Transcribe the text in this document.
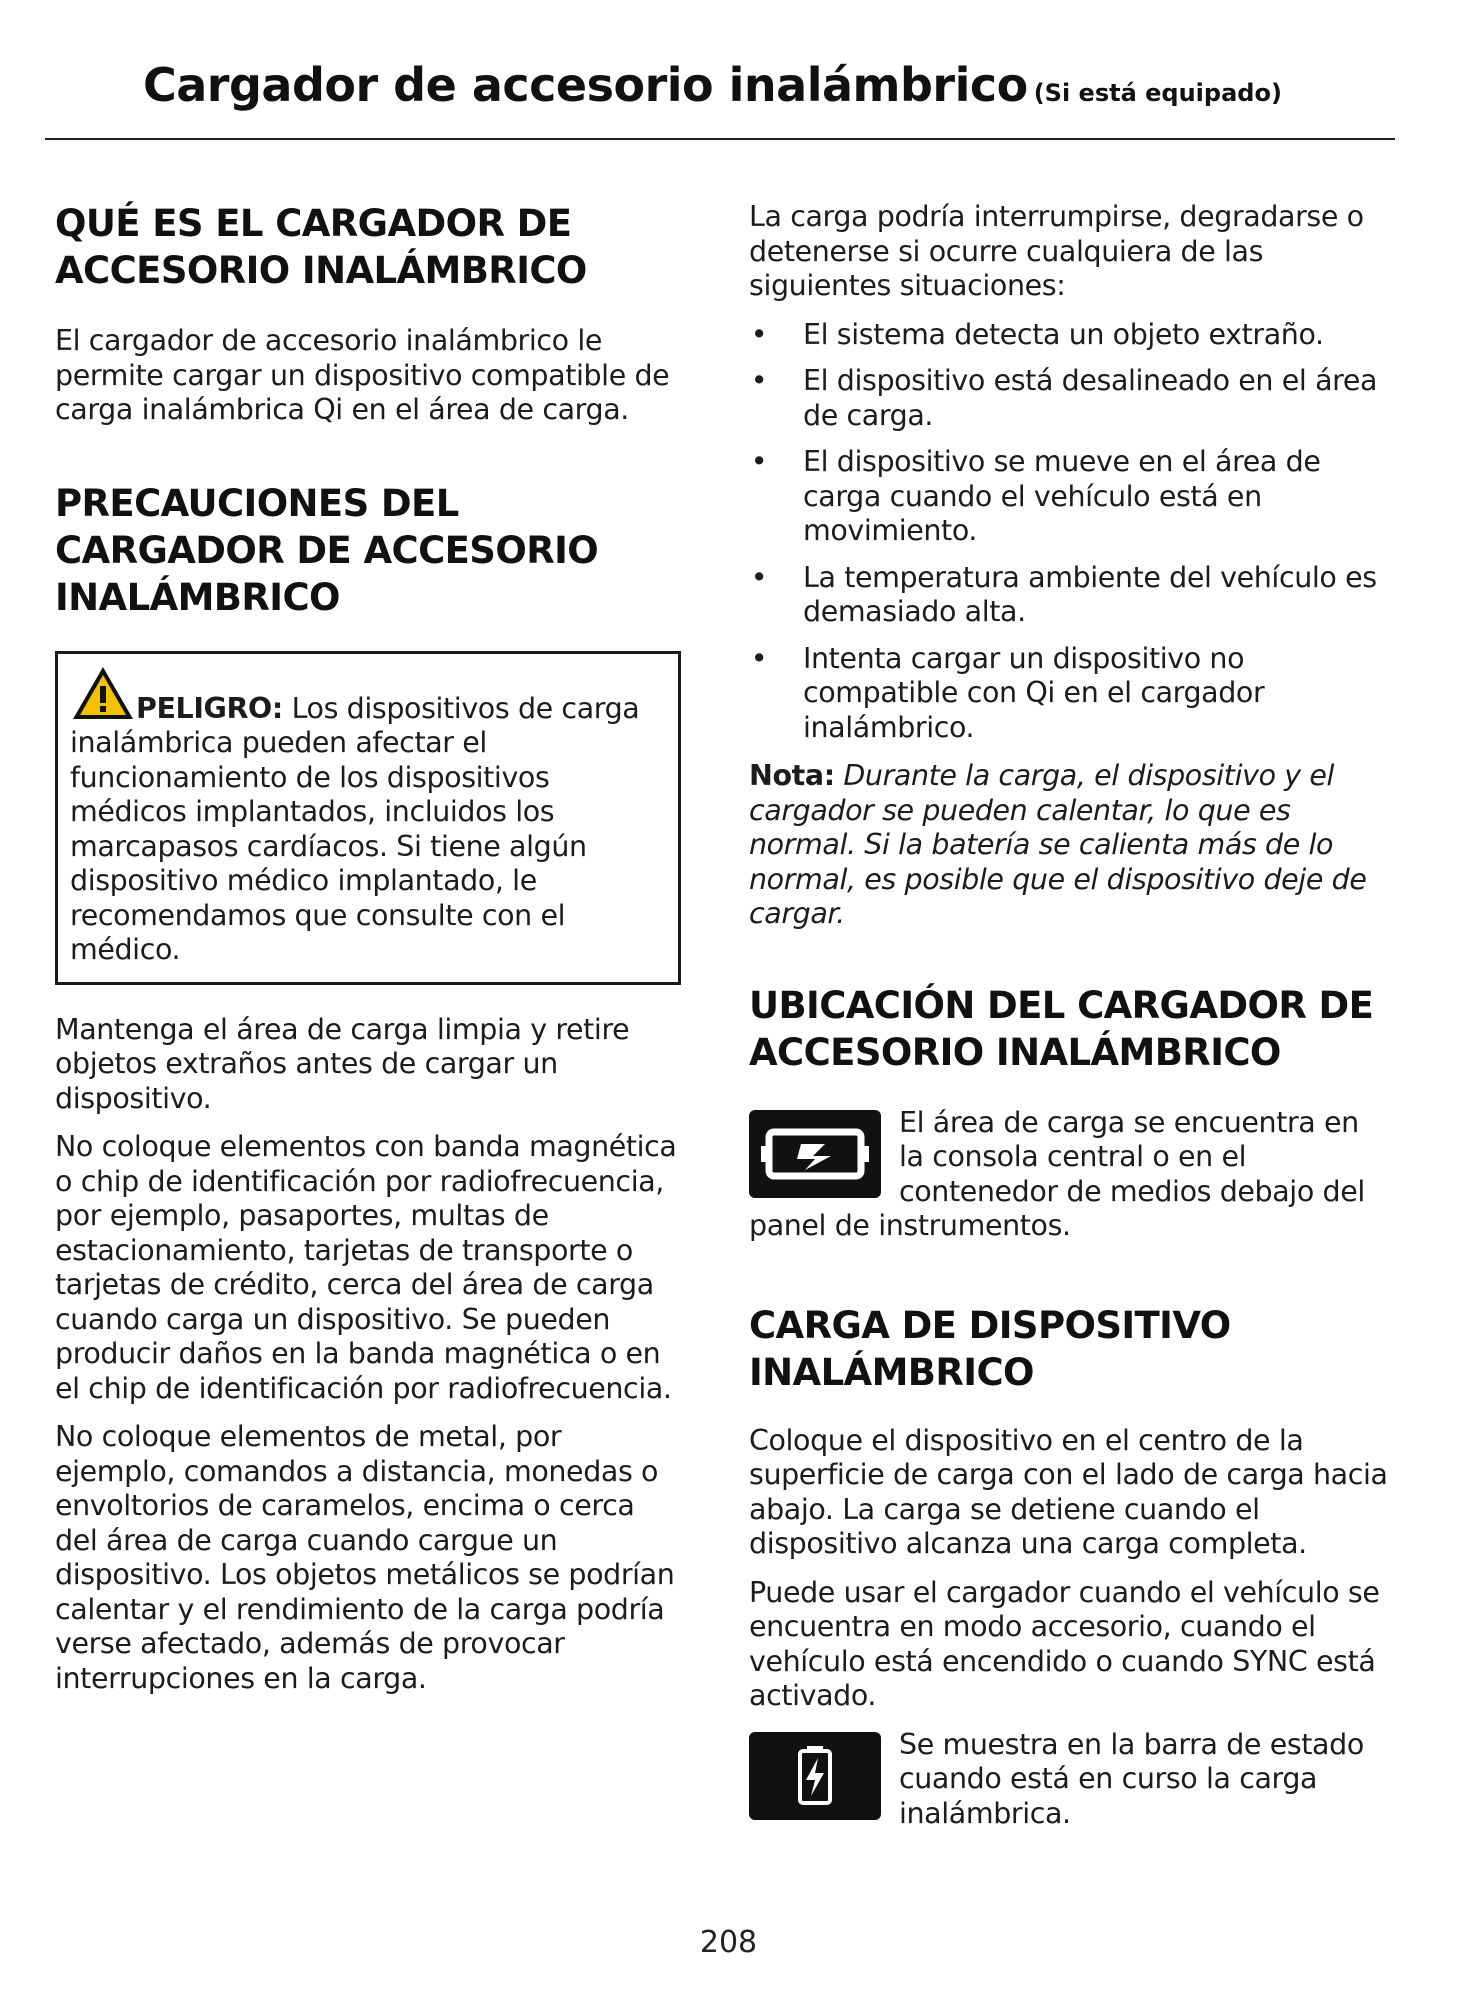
Cargador de accesorio inalámbrico (Si está equipado)
QUÉ ES EL CARGADOR DE ACCESORIO INALÁMBRICO

El cargador de accesorio inalámbrico le permite cargar un dispositivo compatible de carga inalámbrica Qi en el área de carga.

PRECAUCIONES DEL CARGADOR DE ACCESORIO INALÁMBRICO

PELIGRO: Los dispositivos de carga inalámbrica pueden afectar el funcionamiento de los dispositivos médicos implantados, incluidos los marcapasos cardíacos. Si tiene algún dispositivo médico implantado, le recomendamos que consulte con el médico.

Mantenga el área de carga limpia y retire objetos extraños antes de cargar un dispositivo.

No coloque elementos con banda magnética o chip de identificación por radiofrecuencia, por ejemplo, pasaportes, multas de estacionamiento, tarjetas de transporte o tarjetas de crédito, cerca del área de carga cuando carga un dispositivo. Se pueden producir daños en la banda magnética o en el chip de identificación por radiofrecuencia.

No coloque elementos de metal, por ejemplo, comandos a distancia, monedas o envoltorios de caramelos, encima o cerca del área de carga cuando cargue un dispositivo. Los objetos metálicos se podrían calentar y el rendimiento de la carga podría verse afectado, además de provocar interrupciones en la carga.

La carga podría interrumpirse, degradarse o detenerse si ocurre cualquiera de las siguientes situaciones:

• El sistema detecta un objeto extraño.
• El dispositivo está desalineado en el área de carga.
• El dispositivo se mueve en el área de carga cuando el vehículo está en movimiento.
• La temperatura ambiente del vehículo es demasiado alta.
• Intenta cargar un dispositivo no compatible con Qi en el cargador inalámbrico.

Nota: Durante la carga, el dispositivo y el cargador se pueden calentar, lo que es normal. Si la batería se calienta más de lo normal, es posible que el dispositivo deje de cargar.

UBICACIÓN DEL CARGADOR DE ACCESORIO INALÁMBRICO

El área de carga se encuentra en la consola central o en el contenedor de medios debajo del panel de instrumentos.

CARGA DE DISPOSITIVO INALÁMBRICO

Coloque el dispositivo en el centro de la superficie de carga con el lado de carga hacia abajo. La carga se detiene cuando el dispositivo alcanza una carga completa.

Puede usar el cargador cuando el vehículo se encuentra en modo accesorio, cuando el vehículo está encendido o cuando SYNC está activado.

Se muestra en la barra de estado cuando está en curso la carga inalámbrica.

208
